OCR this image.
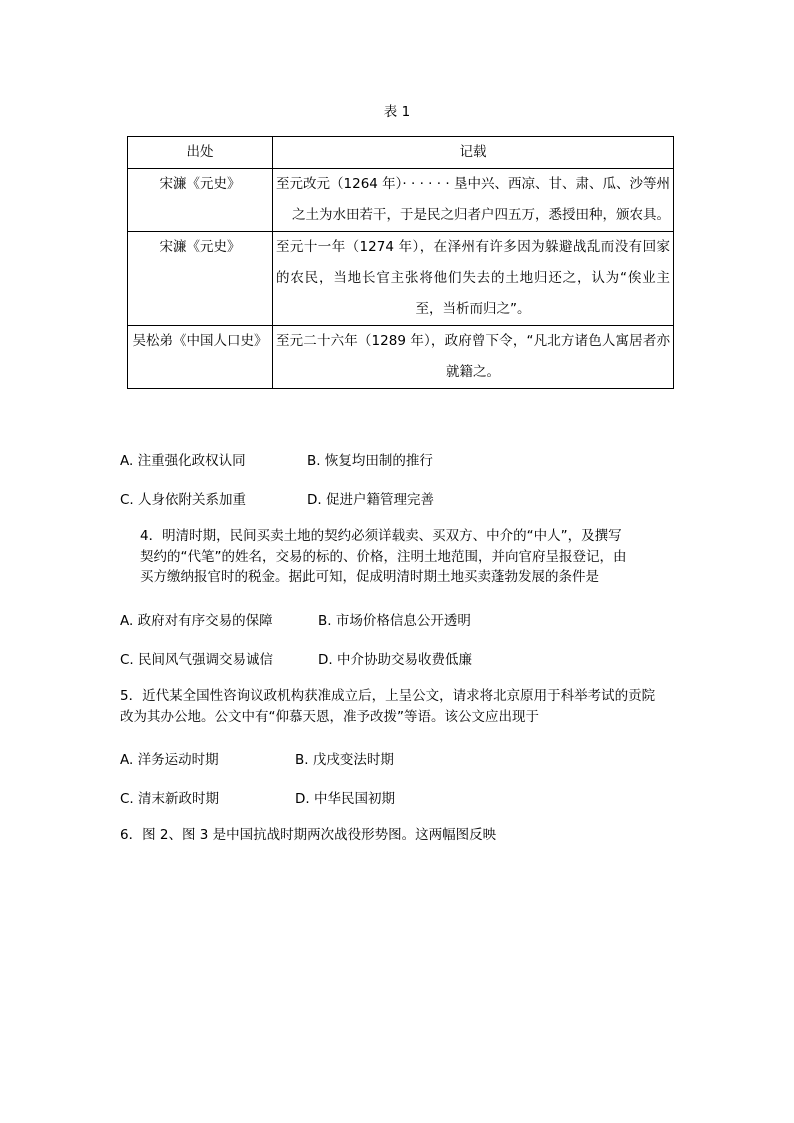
表 1
出处	记载
宋濂《元史》	至元改元（1264 年）· · · · · · 垦中兴、西凉、甘、肃、瓜、沙等州之土为水田若干，于是民之归者户四五万，悉授田种，颁农具。
宋濂《元史》	至元十一年（1274 年），在泽州有许多因为躲避战乱而没有回家的农民，当地长官主张将他们失去的土地归还之，认为“俟业主至，当析而归之”。
吴松弟《中国人口史》	至元二十六年（1289 年），政府曾下令，“凡北方诸色人寓居者亦就籍之。
A. 注重强化政权认同	B. 恢复均田制的推行
C. 人身依附关系加重	D. 促进户籍管理完善

4．明清时期，民间买卖土地的契约必须详载卖、买双方、中介的“中人”，及撰写

契约的“代笔”的姓名，交易的标的、价格，注明土地范围，并向官府呈报登记，由

买方缴纳报官时的税金。据此可知，促成明清时期土地买卖蓬勃发展的条件是

A. 政府对有序交易的保障	B. 市场价格信息公开透明
C. 民间风气强调交易诚信	D. 中介协助交易收费低廉

5．近代某全国性咨询议政机构获准成立后，上呈公文，请求将北京原用于科举考试的贡院

改为其办公地。公文中有“仰慕天恩，准予改拨”等语。该公文应出现于

A. 洋务运动时期	B. 戊戌变法时期
C. 清末新政时期	D. 中华民国初期
6．图 2、图 3 是中国抗战时期两次战役形势图。这两幅图反映
